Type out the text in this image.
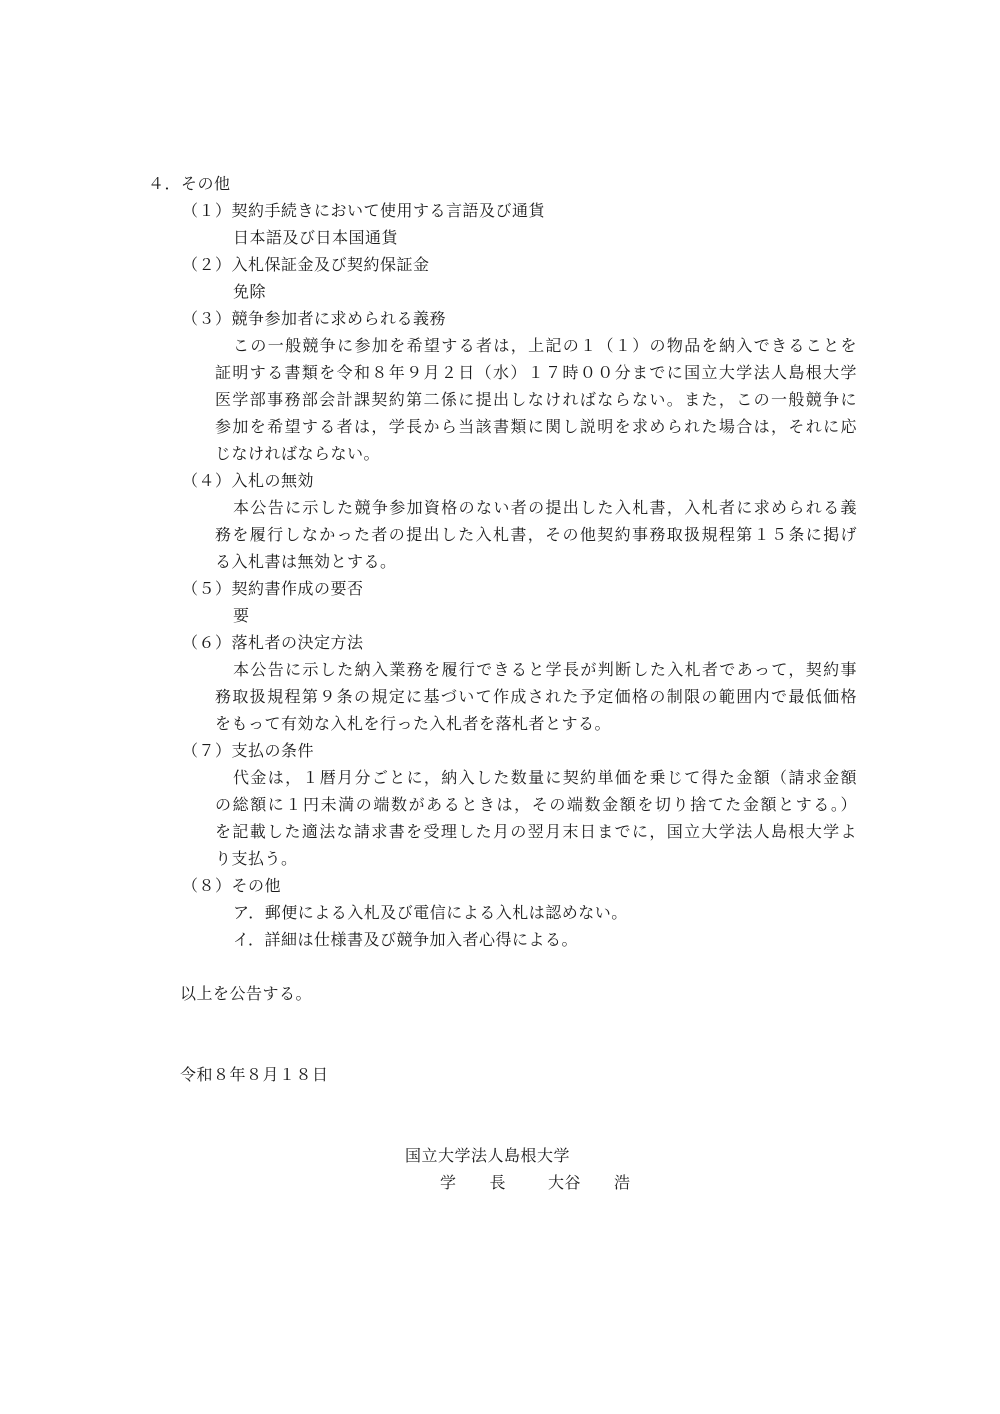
４．その他
（１）契約手続きにおいて使用する言語及び通貨
日本語及び日本国通貨
（２）入札保証金及び契約保証金
免除
（３）競争参加者に求められる義務
この一般競争に参加を希望する者は，上記の１（１）の物品を納入できることを
証明する書類を令和８年９月２日（水）１７時００分までに国立大学法人島根大学
医学部事務部会計課契約第二係に提出しなければならない。また，この一般競争に
参加を希望する者は，学長から当該書類に関し説明を求められた場合は，それに応
じなければならない。
（４）入札の無効
本公告に示した競争参加資格のない者の提出した入札書，入札者に求められる義
務を履行しなかった者の提出した入札書，その他契約事務取扱規程第１５条に掲げ
る入札書は無効とする。
（５）契約書作成の要否
要
（６）落札者の決定方法
本公告に示した納入業務を履行できると学長が判断した入札者であって，契約事
務取扱規程第９条の規定に基づいて作成された予定価格の制限の範囲内で最低価格
をもって有効な入札を行った入札者を落札者とする。
（７）支払の条件
代金は，１暦月分ごとに，納入した数量に契約単価を乗じて得た金額（請求金額
の総額に１円未満の端数があるときは，その端数金額を切り捨てた金額とする。）
を記載した適法な請求書を受理した月の翌月末日までに，国立大学法人島根大学よ
り支払う。
（８）その他
ア．郵便による入札及び電信による入札は認めない。
イ．詳細は仕様書及び競争加入者心得による。
以上を公告する。
令和８年８月１８日
国立大学法人島根大学
学　　長	大谷　　浩
